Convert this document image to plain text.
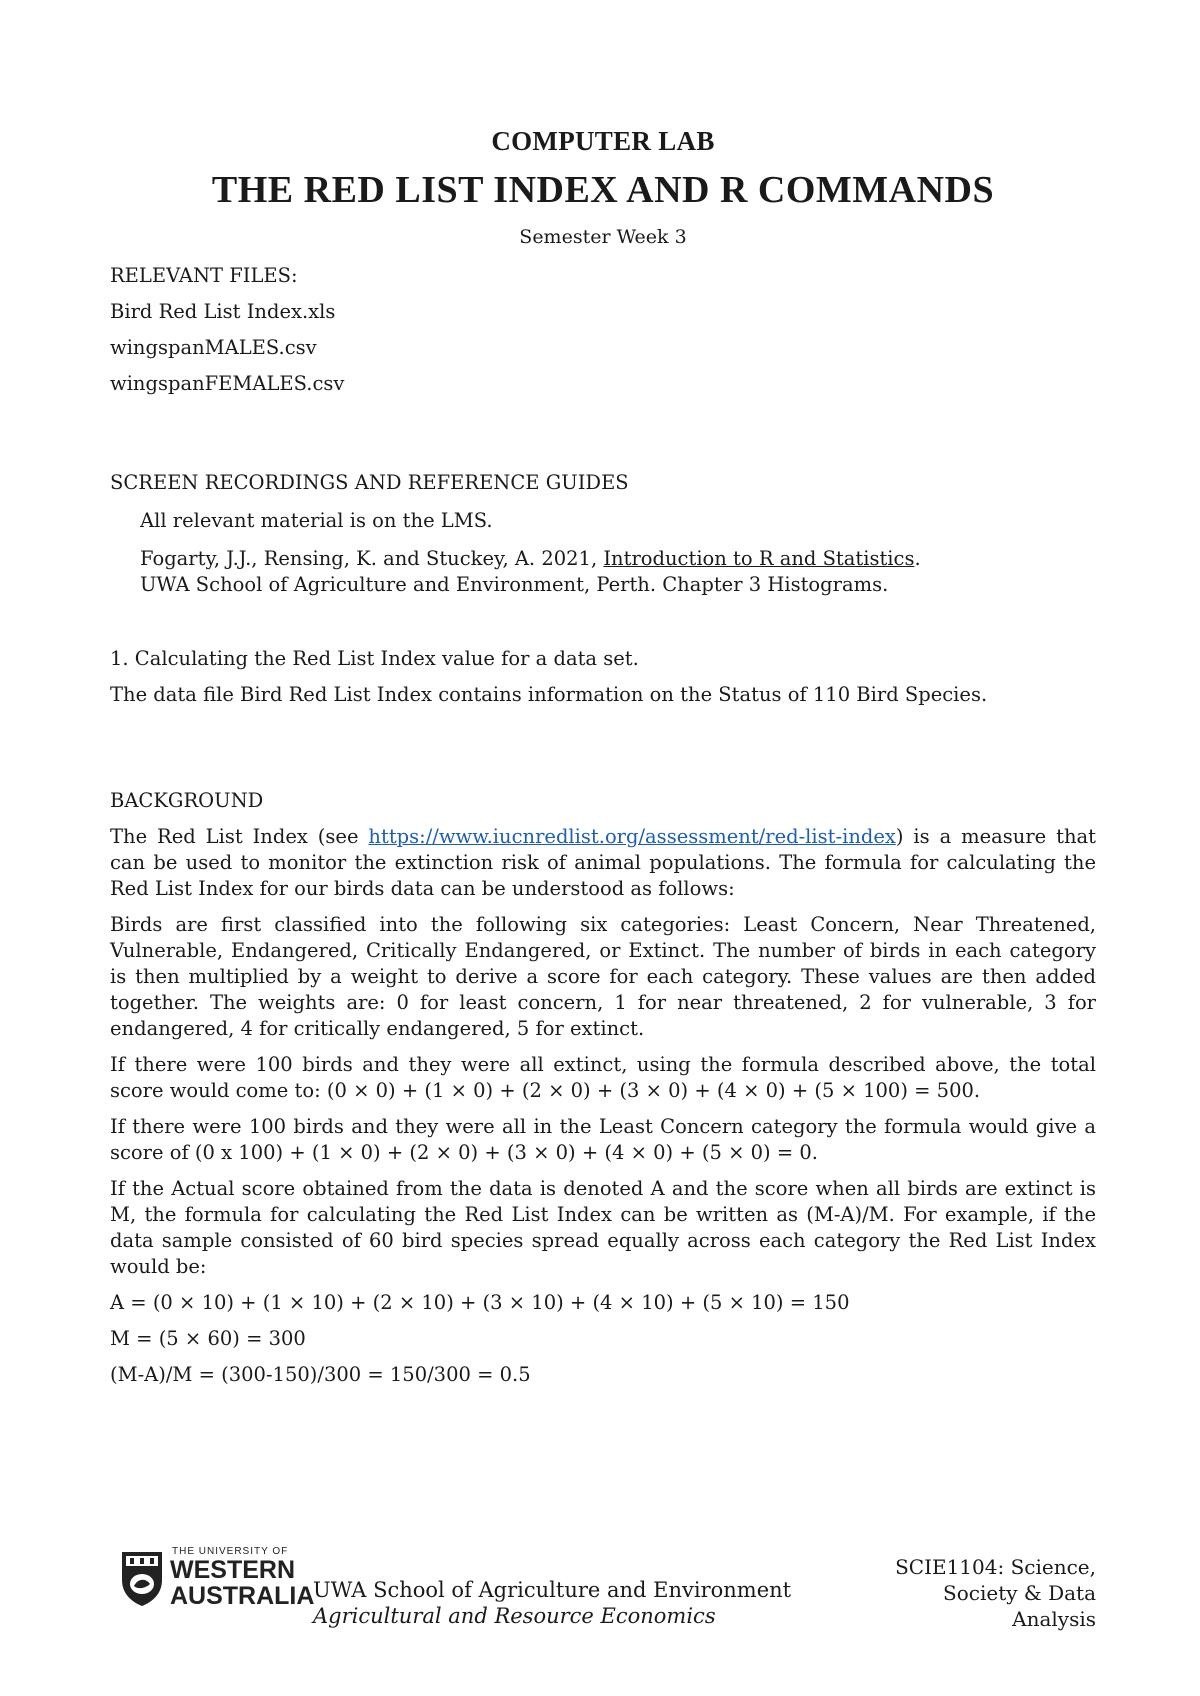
COMPUTER LAB
THE RED LIST INDEX AND R COMMANDS
Semester Week 3

RELEVANT FILES:

Bird Red List Index.xls

wingspanMALES.csv

wingspanFEMALES.csv

SCREEN RECORDINGS AND REFERENCE GUIDES

All relevant material is on the LMS.

Fogarty, J.J., Rensing, K. and Stuckey, A. 2021, Introduction to R and Statistics.

UWA School of Agriculture and Environment, Perth. Chapter 3 Histograms.

1. Calculating the Red List Index value for a data set.

The data file Bird Red List Index contains information on the Status of 110 Bird Species.

BACKGROUND

The Red List Index (see https://www.iucnredlist.org/assessment/red-list-index) is a measure that can be used to monitor the extinction risk of animal populations. The formula for calculating the Red List Index for our birds data can be understood as follows:

Birds are first classified into the following six categories: Least Concern, Near Threatened, Vulnerable, Endangered, Critically Endangered, or Extinct. The number of birds in each category is then multiplied by a weight to derive a score for each category. These values are then added together. The weights are: 0 for least concern, 1 for near threatened, 2 for vulnerable, 3 for endangered, 4 for critically endangered, 5 for extinct.

If there were 100 birds and they were all extinct, using the formula described above, the total score would come to: (0 × 0) + (1 × 0) + (2 × 0) + (3 × 0) + (4 × 0) + (5 × 100) = 500.

If there were 100 birds and they were all in the Least Concern category the formula would give a score of (0 x 100) + (1 × 0) + (2 × 0) + (3 × 0) + (4 × 0) + (5 × 0) = 0.

If the Actual score obtained from the data is denoted A and the score when all birds are extinct is M, the formula for calculating the Red List Index can be written as (M-A)/M. For example, if the data sample consisted of 60 bird species spread equally across each category the Red List Index would be:

A = (0 × 10) + (1 × 10) + (2 × 10) + (3 × 10) + (4 × 10) + (5 × 10) = 150

M = (5 × 60) = 300

(M-A)/M = (300-150)/300 = 150/300 = 0.5

THE UNIVERSITY OF
WESTERN
AUSTRALIA
UWA School of Agriculture and Environment
Agricultural and Resource Economics
SCIE1104: Science,
Society & Data
Analysis
